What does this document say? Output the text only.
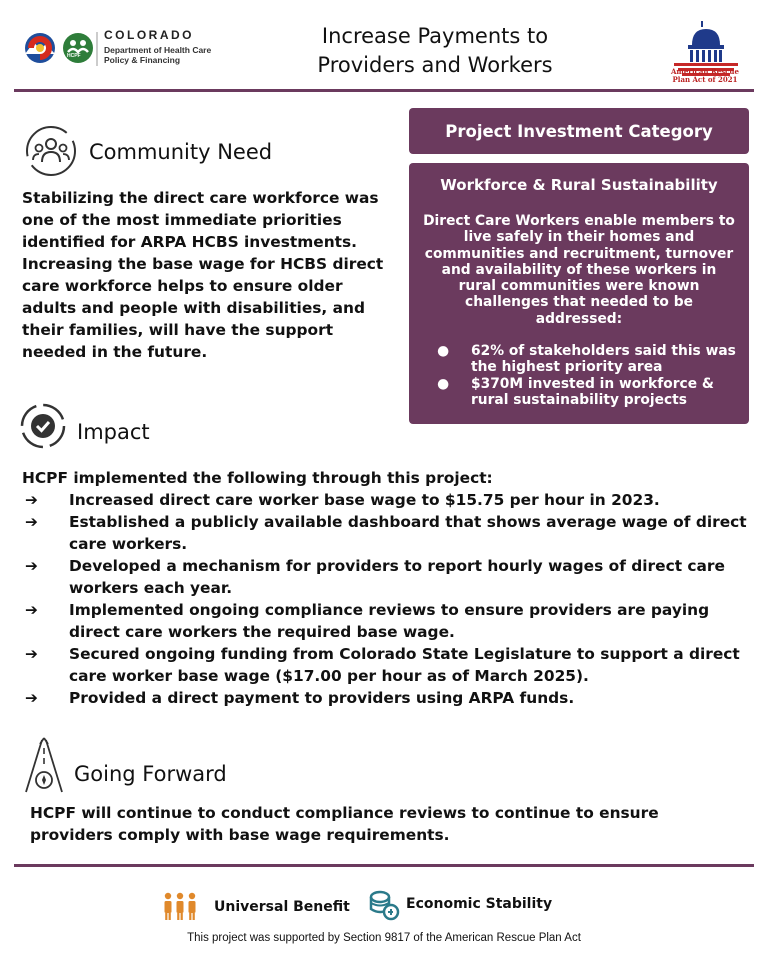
HCPF
COLORADO
Department of Health Care Policy & Financing
Increase Payments to
Providers and Workers	American Rescue
Plan Act of 2021
Community Need
Stabilizing the direct care workforce was one of the most immediate priorities identified for ARPA HCBS investments. Increasing the base wage for HCBS direct care workforce helps to ensure older adults and people with disabilities, and their families, will have the support needed in the future.
Project Investment Category
Workforce & Rural Sustainability
Direct Care Workers enable members to live safely in their homes and communities and recruitment, turnover and availability of these workers in rural communities were known challenges that needed to be addressed:
● 62% of stakeholders said this was the highest priority area
● $370M invested in workforce & rural sustainability projects
Impact
HCPF implemented the following through this project:
➔ Increased direct care worker base wage to $15.75 per hour in 2023.
➔ Established a publicly available dashboard that shows average wage of direct care workers.
➔ Developed a mechanism for providers to report hourly wages of direct care workers each year.
➔ Implemented ongoing compliance reviews to ensure providers are paying direct care workers the required base wage.
➔ Secured ongoing funding from Colorado State Legislature to support a direct care worker base wage ($17.00 per hour as of March 2025).
➔ Provided a direct payment to providers using ARPA funds.
Going Forward
HCPF will continue to conduct compliance reviews to continue to ensure providers comply with base wage requirements.
Universal Benefit	Economic Stability
This project was supported by Section 9817 of the American Rescue Plan Act
